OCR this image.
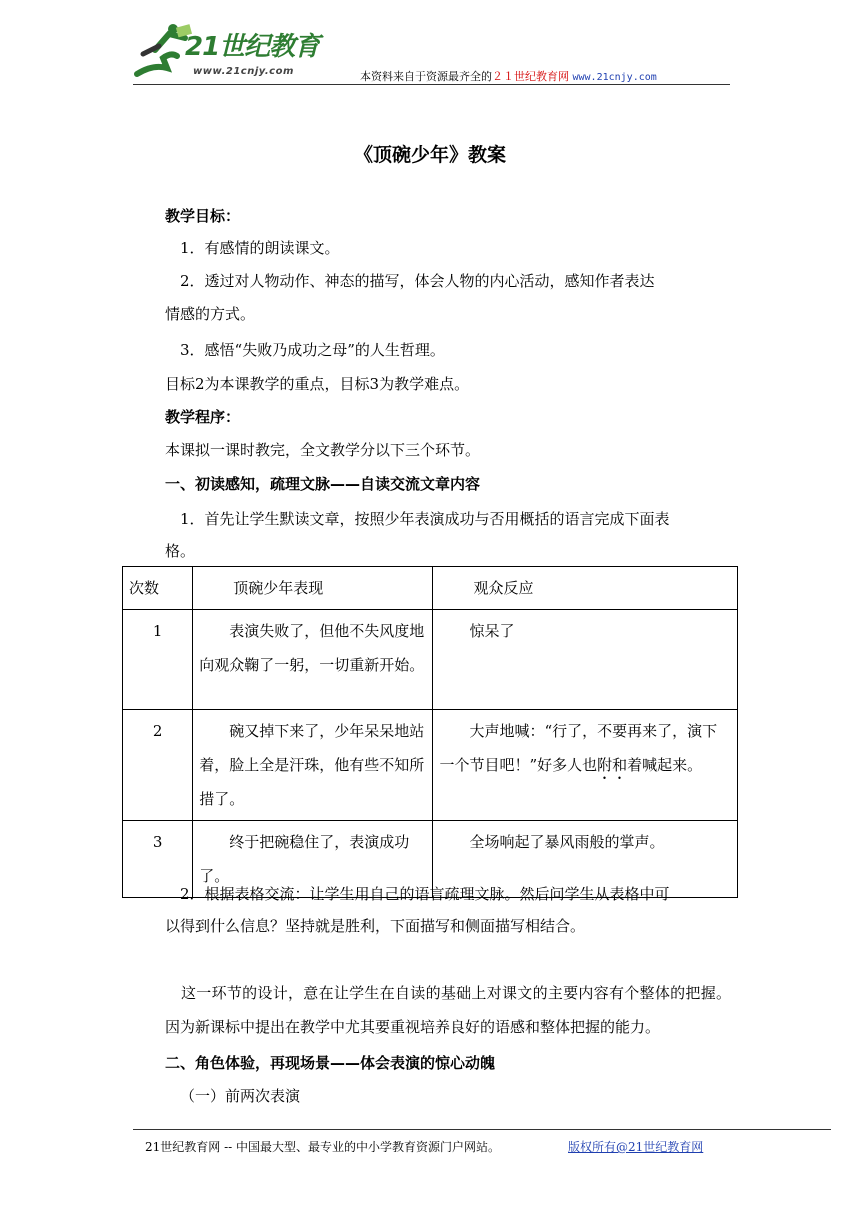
21世纪教育
www.21cnjy.com	本资料来自于资源最齐全的２１世纪教育网 www.21cnjy.com
《顶碗少年》教案
教学目标：
1．有感情的朗读课文。
2．透过对人物动作、神态的描写，体会人物的内心活动，感知作者表达
情感的方式。
3．感悟“失败乃成功之母”的人生哲理。
目标2为本课教学的重点，目标3为教学难点。
教学程序：
本课拟一课时教完，全文教学分以下三个环节。
一、初读感知，疏理文脉——自读交流文章内容
1．首先让学生默读文章，按照少年表演成功与否用概括的语言完成下面表
格。
次数	顶碗少年表现	观众反应
1	表演失败了，但他不失风度地向观众鞠了一躬，一切重新开始。	惊呆了

2	碗又掉下来了，少年呆呆地站着，脸上全是汗珠，他有些不知所措了。	大声地喊：“行了，不要再来了，演下一个节目吧！”好多人也附和着喊起来。

3	终于把碗稳住了，表演成功了。	全场响起了暴风雨般的掌声。

2．根据表格交流：让学生用自己的语言疏理文脉。然后问学生从表格中可
以得到什么信息？坚持就是胜利，下面描写和侧面描写相结合。
这一环节的设计，意在让学生在自读的基础上对课文的主要内容有个整体的把握。因为新课标中提出在教学中尤其要重视培养良好的语感和整体把握的能力。
二、角色体验，再现场景——体会表演的惊心动魄
（一）前两次表演
21世纪教育网 -- 中国最大型、最专业的中小学教育资源门户网站。	版权所有@21世纪教育网
